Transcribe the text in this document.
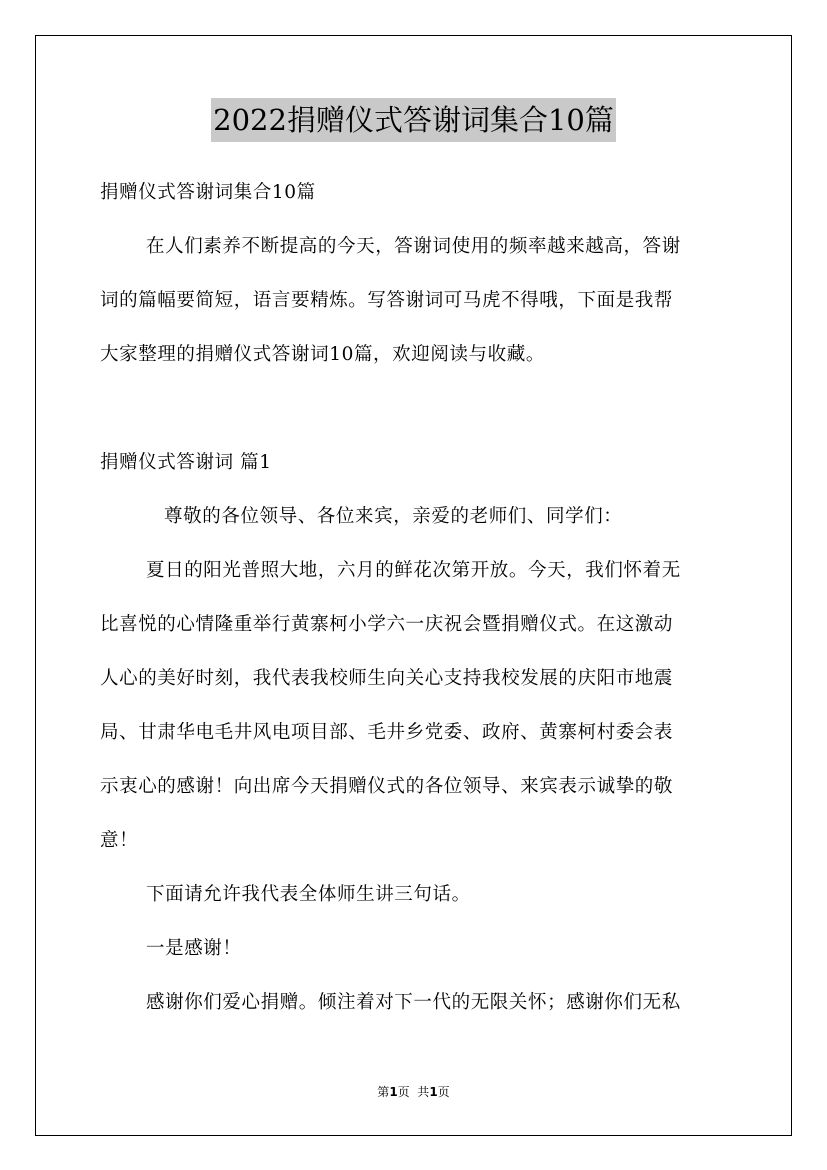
2022捐赠仪式答谢词集合10篇
捐赠仪式答谢词集合10篇
在人们素养不断提高的今天，答谢词使用的频率越来越高，答谢
词的篇幅要简短，语言要精炼。写答谢词可马虎不得哦，下面是我帮
大家整理的捐赠仪式答谢词10篇，欢迎阅读与收藏。
捐赠仪式答谢词 篇1
尊敬的各位领导、各位来宾，亲爱的老师们、同学们：
夏日的阳光普照大地，六月的鲜花次第开放。今天，我们怀着无
比喜悦的心情隆重举行黄寨柯小学六一庆祝会暨捐赠仪式。在这激动
人心的美好时刻，我代表我校师生向关心支持我校发展的庆阳市地震
局、甘肃华电毛井风电项目部、毛井乡党委、政府、黄寨柯村委会表
示衷心的感谢！向出席今天捐赠仪式的各位领导、来宾表示诚挚的敬
意！
下面请允许我代表全体师生讲三句话。
一是感谢！
感谢你们爱心捐赠。倾注着对下一代的无限关怀；感谢你们无私
第1页  共1页
